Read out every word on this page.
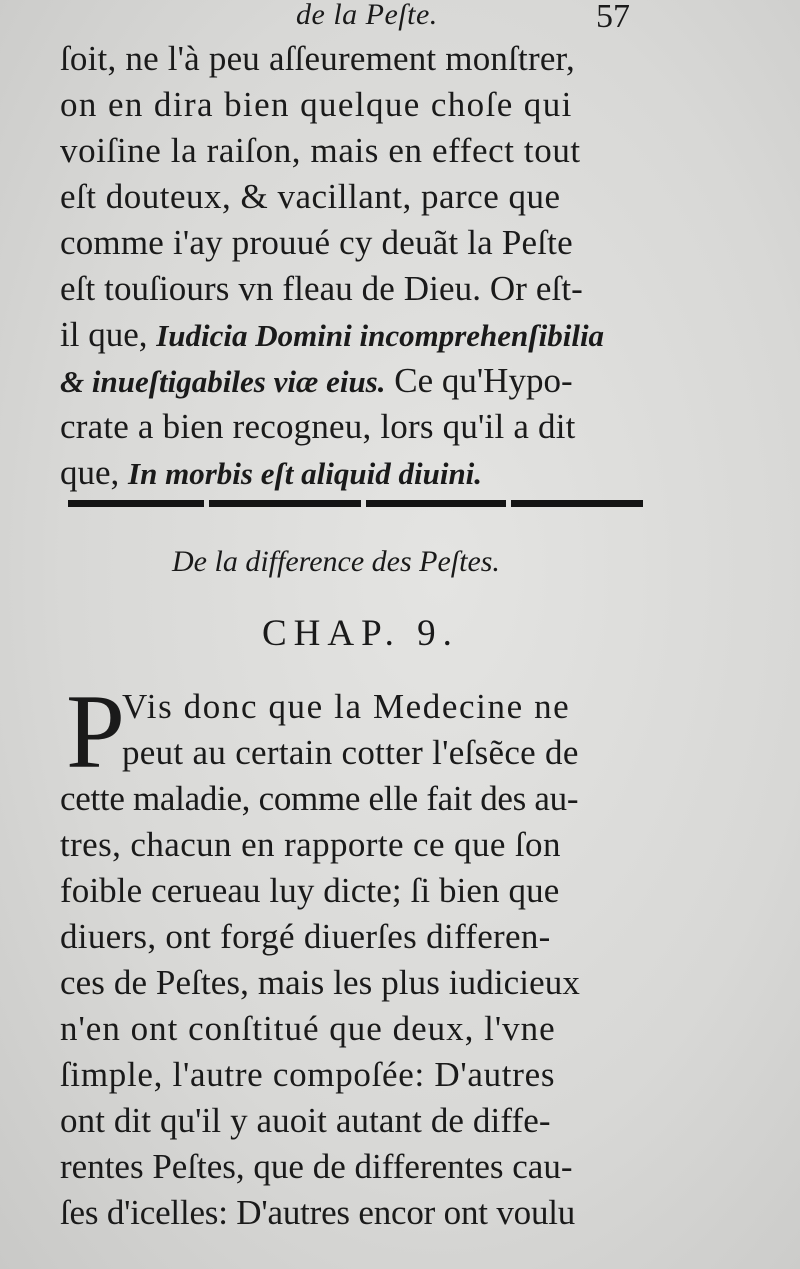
de la Peſte.	57
ſoit, ne l'à peu aſſeurement monſtrer,
on en dira bien quelque choſe qui
voiſine la raiſon, mais en effect tout
eſt douteux, & vacillant, parce que
comme i'ay prouué cy deuãt la Peſte
eſt touſiours vn fleau de Dieu. Or eſt-
il que, Iudicia Domini incomprehenſibilia
& inueſtigabiles viæ eius. Ce qu'Hypo-
crate a bien recogneu, lors qu'il a dit
que, In morbis eſt aliquid diuini.
De la difference des Peſtes.
CHAP. 9.
P
Vis donc que la Medecine ne
peut au certain cotter l'eſsẽce de
cette maladie, comme elle fait des au-
tres, chacun en rapporte ce que ſon
foible cerueau luy dicte; ſi bien que
diuers, ont forgé diuerſes differen-
ces de Peſtes, mais les plus iudicieux
n'en ont conſtitué que deux, l'vne
ſimple, l'autre compoſée: D'autres
ont dit qu'il y auoit autant de diffe-
rentes Peſtes, que de differentes cau-
ſes d'icelles: D'autres encor ont voulu
